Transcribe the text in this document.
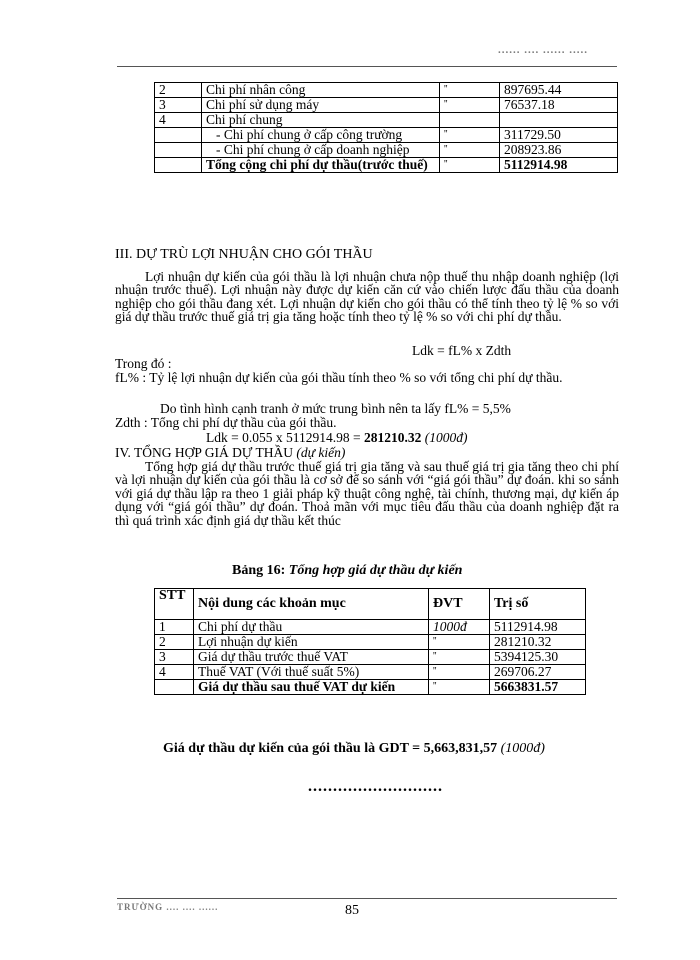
...... .... ...... .....
2	Chi phí nhân công	''	897695.44
3	Chi phí sử dụng máy	''	76537.18
4	Chi phí chung		
	- Chi phí chung ở cấp công trường	''	311729.50
	- Chi phí chung ở cấp doanh nghiệp	''	208923.86
	Tổng cộng chi phí dự thầu(trước thuế)	''	5112914.98
III. DỰ TRÙ LỢI NHUẬN CHO GÓI THẦU
Lợi nhuận dự kiến của gói thầu là lợi nhuận chưa nộp thuế thu nhập doanh nghiệp (lợi nhuận trước thuế). Lợi nhuận này được dự kiến căn cứ vào chiến lược đấu thầu của doanh nghiệp cho gói thầu đang xét. Lợi nhuận dự kiến cho gói thầu có thể tính theo tỷ lệ % so với giá dự thầu trước thuế giá trị gia tăng hoặc tính theo tỷ lệ % so với chi phí dự thầu.
Ldk = fL% x Zdth
Trong đó :
fL% : Tỷ lệ lợi nhuận dự kiến của gói thầu tính theo % so với tổng chi phí dự thầu.
Do tình hình cạnh tranh ở mức trung bình nên ta lấy fL% = 5,5%
Zdth : Tổng chi phí dự thầu của gói thầu.
Ldk = 0.055 x 5112914.98 = 281210.32 (1000đ)
IV. TỔNG HỢP GIÁ DỰ THẦU (dự kiến)
Tổng hợp giá dự thầu trước thuế giá trị gia tăng và sau thuế giá trị gia tăng theo chi phí và lợi nhuận dự kiến của gói thầu là cơ sở để so sánh với “giá gói thầu” dự đoán. khi so sánh với giá dự thầu lập ra theo 1 giải pháp kỹ thuật công nghệ, tài chính, thương mại, dự kiến áp dụng với “giá gói thầu” dự đoán. Thoả mãn với mục tiêu đấu thầu của doanh nghiệp đặt ra thì quá trình xác định giá dự thầu kết thúc
Bảng 16: Tổng hợp giá dự thầu dự kiến
STT	Nội dung các khoản mục	ĐVT	Trị số
1	Chi phí dự thầu	1000đ	5112914.98
2	Lợi nhuận dự kiến	''	281210.32
3	Giá dự thầu trước thuế VAT	''	5394125.30
4	Thuế VAT (Với thuế suất 5%)	''	269706.27
	Giá dự thầu sau thuế VAT dự kiến	''	5663831.57
Giá dự thầu dự kiến của gói thầu là GDT = 5,663,831,57 (1000đ)
...........................
TRƯỜNG .... .... ......	85
